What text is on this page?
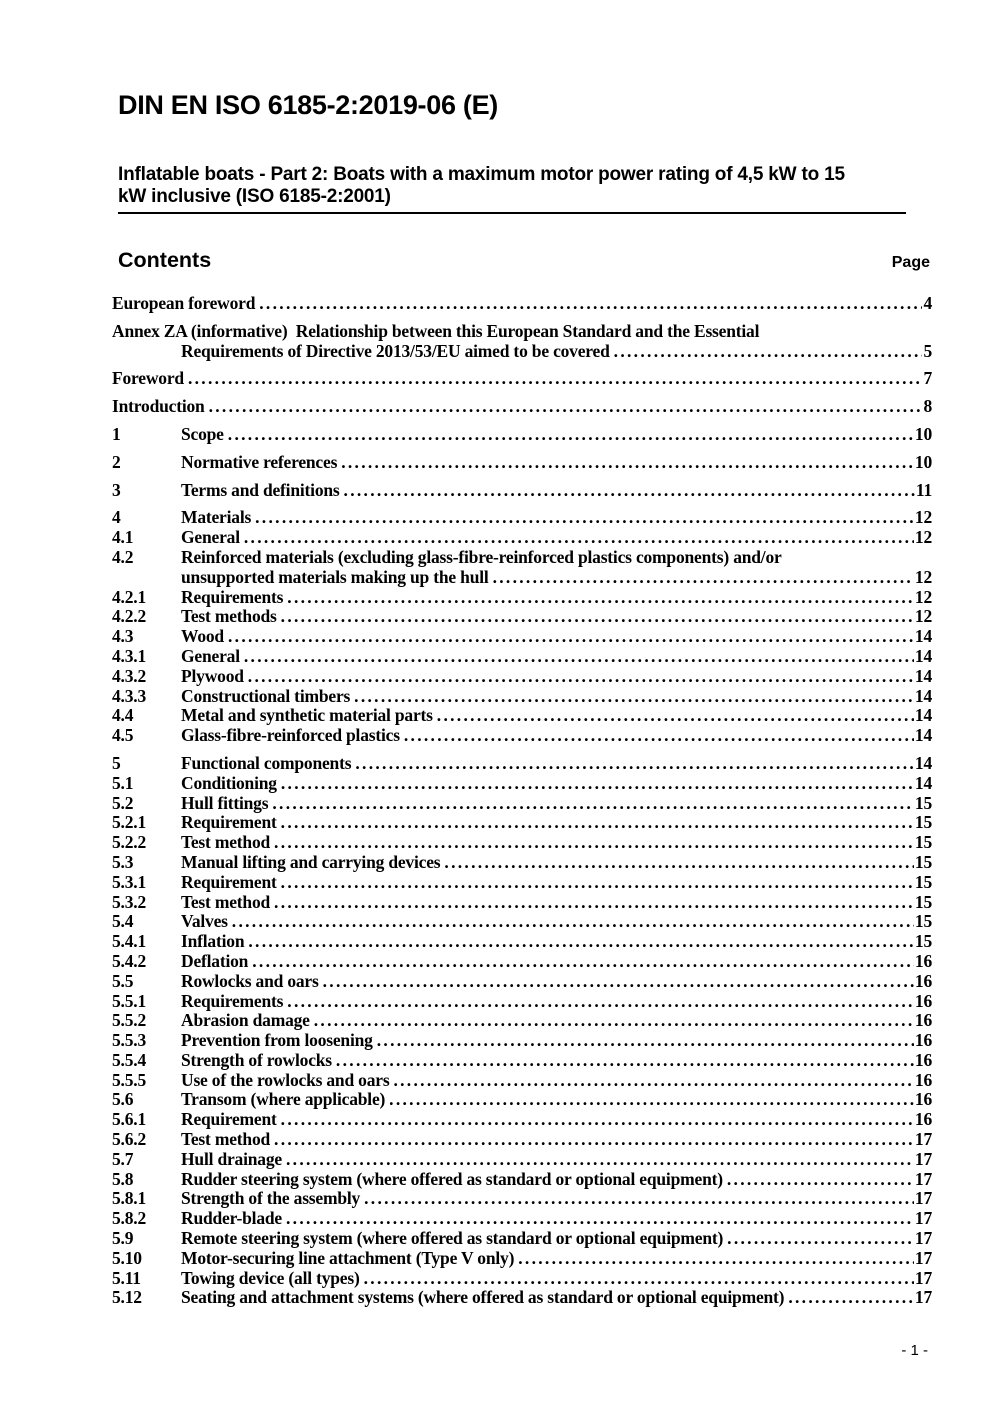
DIN EN ISO 6185-2:2019-06 (E)
Inflatable boats - Part 2: Boats with a maximum motor power rating of 4,5 kW to 15
kW inclusive (ISO 6185-2:2001)
Contents	Page
European foreword .....	4
Annex ZA (informative)  Relationship between this European Standard and the Essential
Requirements of Directive 2013/53/EU aimed to be covered .....	5
Foreword .....	7
Introduction .....	8
1	Scope .....	10
2	Normative references .....	10
3	Terms and definitions .....	11
4	Materials .....	12
4.1	General .....	12
4.2	Reinforced materials (excluding glass-fibre-reinforced plastics components) and/or
unsupported materials making up the hull .....	12
4.2.1	Requirements .....	12
4.2.2	Test methods .....	12
4.3	Wood .....	14
4.3.1	General .....	14
4.3.2	Plywood .....	14
4.3.3	Constructional timbers .....	14
4.4	Metal and synthetic material parts .....	14
4.5	Glass-fibre-reinforced plastics .....	14
5	Functional components .....	14
5.1	Conditioning .....	14
5.2	Hull fittings .....	15
5.2.1	Requirement .....	15
5.2.2	Test method .....	15
5.3	Manual lifting and carrying devices .....	15
5.3.1	Requirement .....	15
5.3.2	Test method .....	15
5.4	Valves .....	15
5.4.1	Inflation .....	15
5.4.2	Deflation .....	16
5.5	Rowlocks and oars .....	16
5.5.1	Requirements .....	16
5.5.2	Abrasion damage .....	16
5.5.3	Prevention from loosening .....	16
5.5.4	Strength of rowlocks .....	16
5.5.5	Use of the rowlocks and oars .....	16
5.6	Transom (where applicable) .....	16
5.6.1	Requirement .....	16
5.6.2	Test method .....	17
5.7	Hull drainage .....	17
5.8	Rudder steering system (where offered as standard or optional equipment) .....	17
5.8.1	Strength of the assembly .....	17
5.8.2	Rudder-blade .....	17
5.9	Remote steering system (where offered as standard or optional equipment) .....	17
5.10	Motor-securing line attachment (Type V only) .....	17
5.11	Towing device (all types) .....	17
5.12	Seating and attachment systems (where offered as standard or optional equipment) .....	17
- 1 -
